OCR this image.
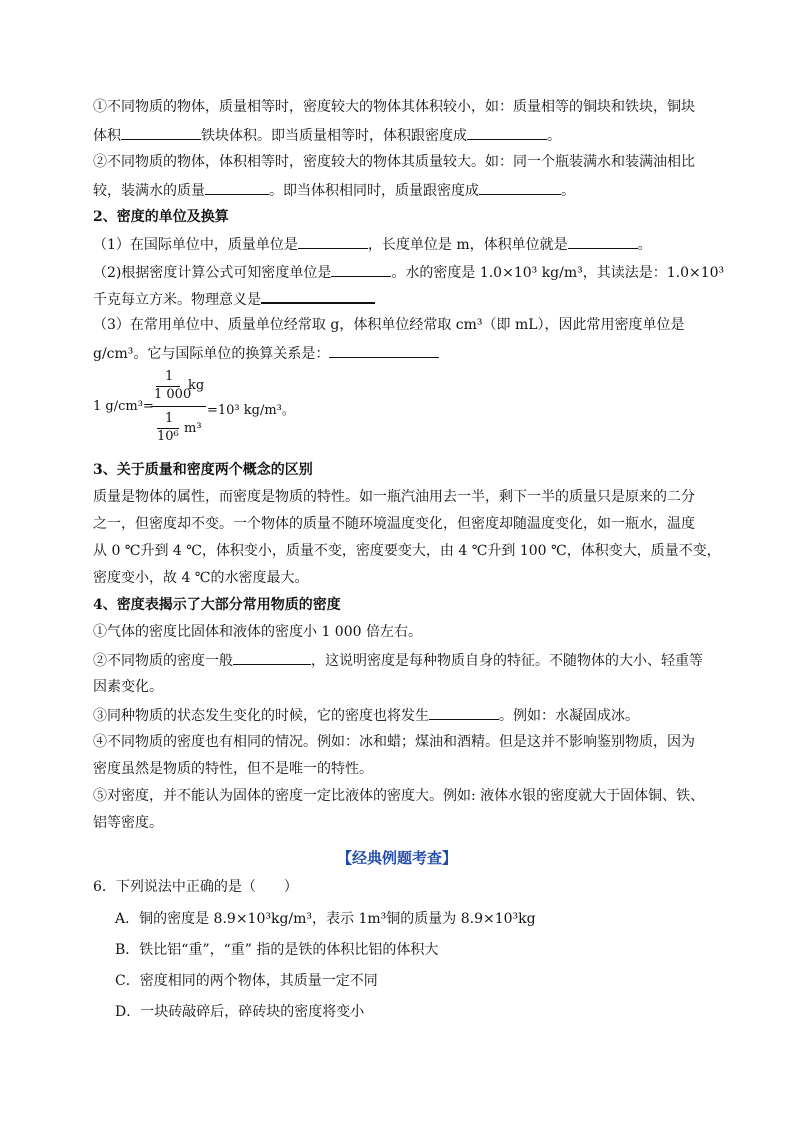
①不同物质的物体，质量相等时，密度较大的物体其体积较小，如：质量相等的铜块和铁块，铜块
体积	铁块体积。即当质量相等时，体积跟密度成	。
②不同物质的物体，体积相等时，密度较大的物体其质量较大。如：同一个瓶装满水和装满油相比
较，装满水的质量	。即当体积相同时，质量跟密度成	。
2、密度的单位及换算
（1）在国际单位中，质量单位是	，长度单位是 m，体积单位就是	。
（2)根据密度计算公式可知密度单位是	。水的密度是 1.0×10³ kg/m³，其读法是：1.0×10³
千克每立方米。物理意义是
（3）在常用单位中、质量单位经常取 g，体积单位经常取 cm³（即 mL），因此常用密度单位是
g/cm³。它与国际单位的换算关系是：
1 g/cm³=
1
1 000
kg
1
10⁶
m³
=10³ kg/m³。
3、关于质量和密度两个概念的区别
质量是物体的属性，而密度是物质的特性。如一瓶汽油用去一半，剩下一半的质量只是原来的二分
之一，但密度却不变。一个物体的质量不随环境温度变化，但密度却随温度变化，如一瓶水，温度
从 0 ℃升到 4 ℃，体积变小，质量不变，密度要变大，由 4 ℃升到 100 ℃，体积变大，质量不变，
密度变小，故 4 ℃的水密度最大。
4、密度表揭示了大部分常用物质的密度
①气体的密度比固体和液体的密度小 1 000 倍左右。
②不同物质的密度一般	，这说明密度是每种物质自身的特征。不随物体的大小、轻重等
因素变化。
③同种物质的状态发生变化的时候，它的密度也将发生	。例如：水凝固成冰。
④不同物质的密度也有相同的情况。例如：冰和蜡；煤油和酒精。但是这并不影响鉴别物质，因为
密度虽然是物质的特性，但不是唯一的特性。
⑤对密度，并不能认为固体的密度一定比液体的密度大。例如: 液体水银的密度就大于固体铜、铁、
铝等密度。
【经典例题考查】
6．下列说法中正确的是（　　）
A．铜的密度是 8.9×10³kg/m³，表示 1m³铜的质量为 8.9×10³kg
B．铁比铝“重”，“重” 指的是铁的体积比铝的体积大
C．密度相同的两个物体，其质量一定不同
D．一块砖敲碎后，碎砖块的密度将变小
